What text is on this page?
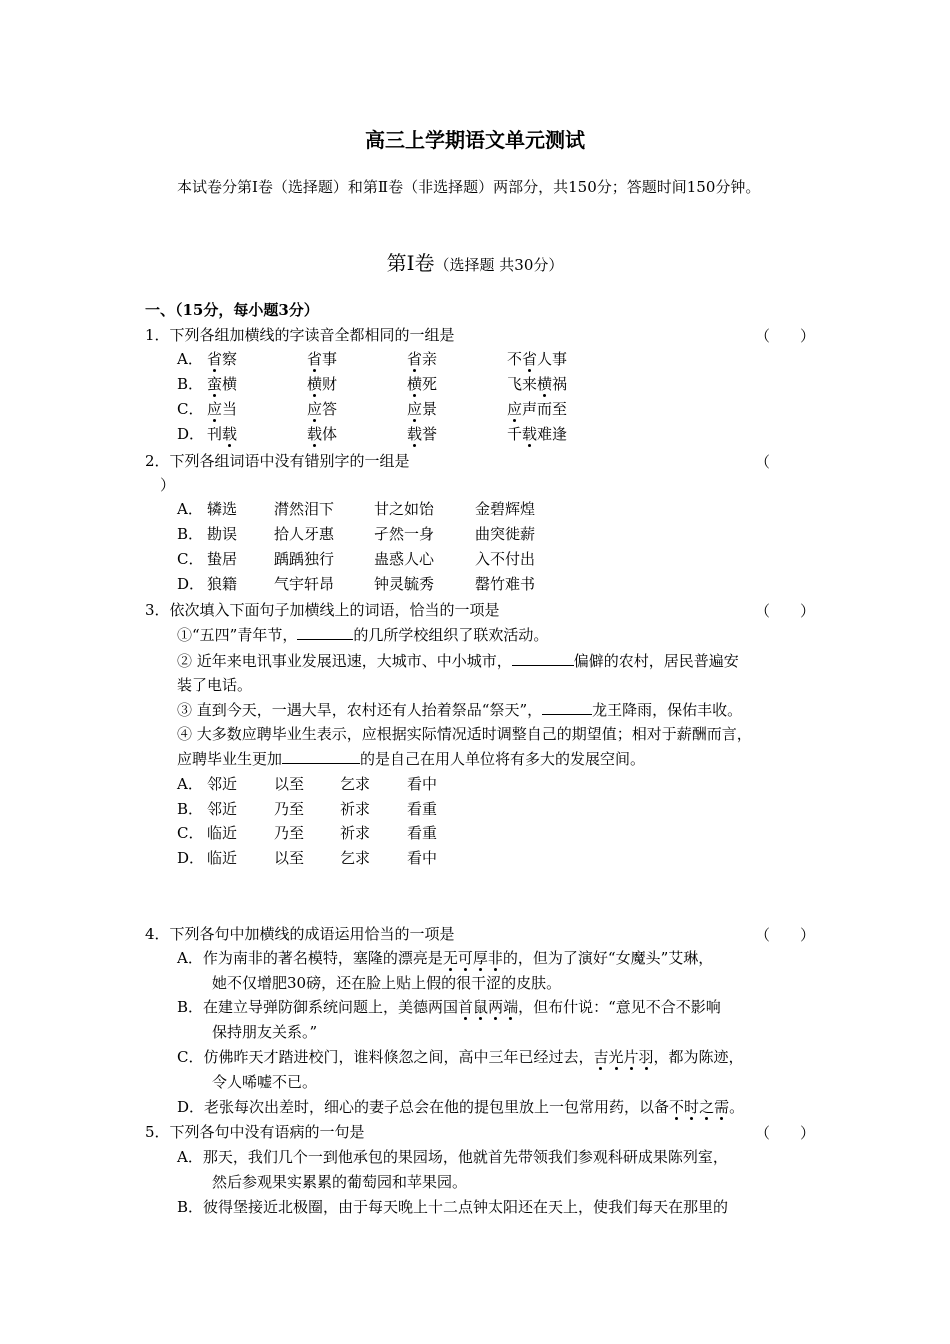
高三上学期语文单元测试
本试卷分第Ⅰ卷（选择题）和第Ⅱ卷（非选择题）两部分，共150分；答题时间150分钟。
第Ⅰ卷（选择题 共30分）
一、（15分，每小题3分）
1．下列各组加横线的字读音全都相同的一组是	（　　）
A． 省察	省事	省亲	不省人事
B． 蛮横	横财	横死	飞来横祸
C． 应当	应答	应景	应声而至
D． 刊载	载体	载誉	千载难逢
2．下列各组词语中没有错别字的一组是	（
）
A． 辚选 潸然泪下	甘之如饴	金碧辉煌
B． 勘误 拾人牙惠	孑然一身	曲突徙薪
C． 蛰居 踽踽独行	蛊惑人心	入不付出
D． 狼籍 气宇轩昂	钟灵毓秀	罄竹难书
3．依次填入下面句子加横线上的词语，恰当的一项是	（　　）
①“五四”青年节，	的几所学校组织了联欢活动。
② 近年来电讯事业发展迅速，大城市、中小城市，	偏僻的农村，居民普遍安
装了电话。
③ 直到今天，一遇大旱，农村还有人抬着祭品“祭天”，	龙王降雨，保佑丰收。
④ 大多数应聘毕业生表示，应根据实际情况适时调整自己的期望值；相对于薪酬而言，
应聘毕业生更加	的是自己在用人单位将有多大的发展空间。
A． 邻近 以至 乞求 看中
B． 邻近 乃至 祈求 看重
C． 临近 乃至 祈求 看重
D． 临近 以至 乞求 看中
4．下列各句中加横线的成语运用恰当的一项是	（　　）
A．作为南非的著名模特，塞隆的漂亮是无可厚非的，但为了演好“女魔头”艾琳，
她不仅增肥30磅，还在脸上贴上假的很干涩的皮肤。
B．在建立导弹防御系统问题上，美德两国首鼠两端，但布什说：“意见不合不影响
保持朋友关系。”
C．仿佛昨天才踏进校门，谁料倏忽之间，高中三年已经过去，吉光片羽，都为陈迹，
令人唏嘘不已。
D．老张每次出差时，细心的妻子总会在他的提包里放上一包常用药，以备不时之需。
5．下列各句中没有语病的一句是	（　　）
A．那天，我们几个一到他承包的果园场，他就首先带领我们参观科研成果陈列室，
然后参观果实累累的葡萄园和苹果园。
B．彼得堡接近北极圈，由于每天晚上十二点钟太阳还在天上，使我们每天在那里的
